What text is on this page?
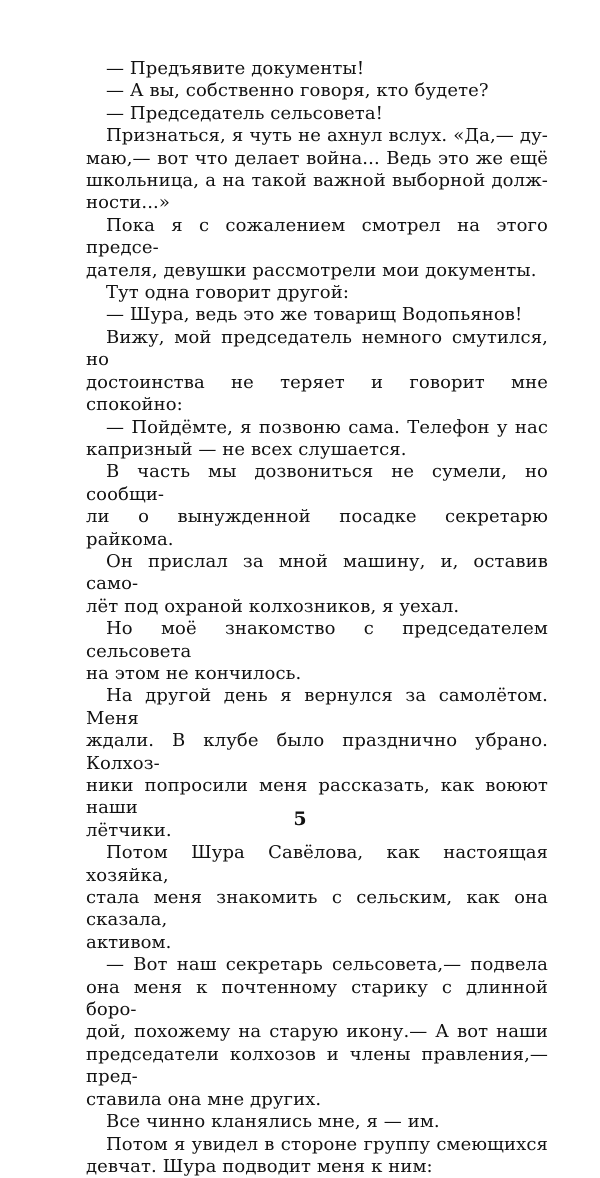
— Предъявите документы!
— А вы, собственно говоря, кто будете?
— Председатель сельсовета!
Признаться, я чуть не ахнул вслух. «Да,— ду-
маю,— вот что делает война... Ведь это же ещё
школьница, а на такой важной выборной долж-
ности...»
Пока я с сожалением смотрел на этого предсе-
дателя, девушки рассмотрели мои документы.
Тут одна говорит другой:
— Шура, ведь это же товарищ Водопьянов!
Вижу, мой председатель немного смутился, но
достоинства не теряет и говорит мне спокойно:
— Пойдёмте, я позвоню сама. Телефон у нас
капризный — не всех слушается.
В часть мы дозвониться не сумели, но сообщи-
ли о вынужденной посадке секретарю райкома.
Он прислал за мной машину, и, оставив само-
лёт под охраной колхозников, я уехал.
Но моё знакомство с председателем сельсовета
на этом не кончилось.
На другой день я вернулся за самолётом. Меня
ждали. В клубе было празднично убрано. Колхоз-
ники попросили меня рассказать, как воюют наши
лётчики.
Потом Шура Савёлова, как настоящая хозяйка,
стала меня знакомить с сельским, как она сказала,
активом.
— Вот наш секретарь сельсовета,— подвела
она меня к почтенному старику с длинной боро-
дой, похожему на старую икону.— А вот наши
председатели колхозов и члены правления,— пред-
ставила она мне других.
Все чинно кланялись мне, я — им.
Потом я увидел в стороне группу смеющихся
девчат. Шура подводит меня к ним:
5
